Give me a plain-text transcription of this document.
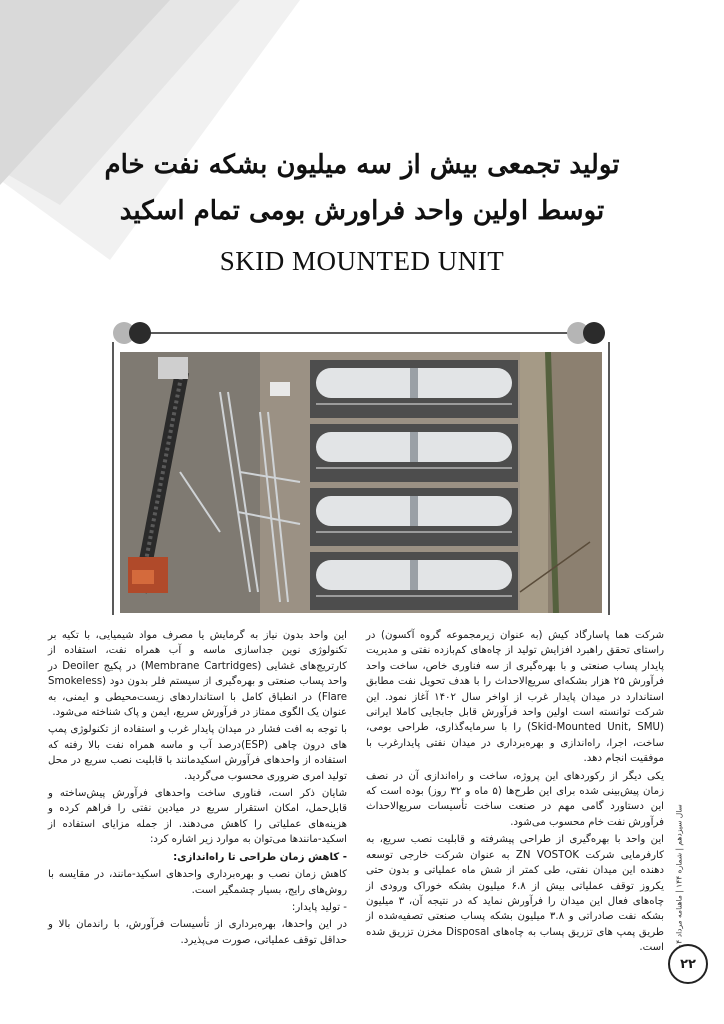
تولید تجمعی بیش از سه میلیون بشکه نفت خام
توسط اولین واحد فراورش بومی تمام اسکید
SKID MOUNTED UNIT

شرکت هما پاسارگاد کیش (به عنوان زیرمجموعه گروه آکسون) در راستای تحقق راهبرد افزایش تولید از چاه‌های کم‌بازده نفتی و مدیریت پایدار پساب صنعتی و با بهره‌گیری از سه فناوری خاص، ساخت واحد فرآورش ۲۵ هزار بشکه‌ای سریع‌الاحداث را با هدف تحویل نفت مطابق استاندارد در میدان پایدار غرب از اواخر سال ۱۴۰۲ آغاز نمود. این شرکت توانسته است اولین واحد فرآورش قابل جابجایی کاملا ایرانی (Skid-Mounted Unit, SMU) را با سرمایه‌گذاری، طراحی بومی، ساخت، اجرا، راه‌اندازی و بهره‌برداری در میدان نفتی پایدارغرب با موفقیت انجام دهد.

یکی دیگر از رکوردهای این پروژه، ساخت و راه‌اندازی آن در نصف زمان پیش‌بینی شده برای این طرح‌ها (۵ ماه و ۳۲ روز) بوده است که این دستاورد گامی مهم در صنعت ساخت تأسیسات سریع‌الاحداث فرآورش نفت خام محسوب می‌شود.

این واحد با بهره‌گیری از طراحی پیشرفته و قابلیت نصب سریع، به کارفرمایی شرکت ZN VOSTOK به عنوان شرکت خارجی توسعه دهنده این میدان نفتی، طی کمتر از شش ماه عملیاتی و بدون حتی یکروز توقف عملیاتی بیش از ۶.۸ میلیون بشکه خوراک ورودی از چاه‌های فعال این میدان را فرآورش نماید که در نتیجه آن، ۳ میلیون بشکه نفت صادراتی و ۳.۸ میلیون بشکه پساب صنعتی تصفیه‌شده از طریق پمپ های تزریق پساب به چاه‌های Disposal مخزن تزریق شده است.

این واحد بدون نیاز به گرمایش یا مصرف مواد شیمیایی، با تکیه بر تکنولوژی نوین جداسازی ماسه و آب همراه نفت، استفاده از کارتریج‌های غشایی (Membrane Cartridges) در پکیج Deoiler در واحد پساب صنعتی و بهره‌گیری از سیستم فلر بدون دود (Smokeless Flare) در انطباق کامل با استانداردهای زیست‌محیطی و ایمنی، به عنوان یک الگوی ممتاز در فرآورش سریع، ایمن و پاک شناخته می‌شود.

با توجه به افت فشار در میدان پایدار غرب و استفاده از تکنولوژی پمپ های درون چاهی (ESP)درصد آب و ماسه همراه نفت بالا رفته که استفاده از واحدهای فرآورش اسکیدمانند با قابلیت نصب سریع در محل تولید امری ضروری محسوب می‌گردید.

شایان ذکر است، فناوری ساخت واحدهای فرآورش پیش‌ساخته و قابل‌حمل، امکان استقرار سریع در میادین نفتی را فراهم کرده و هزینه‌های عملیاتی را کاهش می‌دهند. از جمله مزایای استفاده از اسکید-مانندها می‌توان به موارد زیر اشاره کرد:

- کاهش زمان طراحی تا راه‌اندازی:

کاهش زمان نصب و بهره‌برداری واحدهای اسکید-مانند، در مقایسه با روش‌های رایج، بسیار چشمگیر است.

- تولید پایدار:

در این واحدها، بهره‌برداری از تأسیسات فرآورش، با راندمان بالا و حداقل توقف عملیاتی، صورت می‌پذیرد.

سال سیزدهم | شماره ۱۴۴ | ماهنامه مرداد
۲۲
